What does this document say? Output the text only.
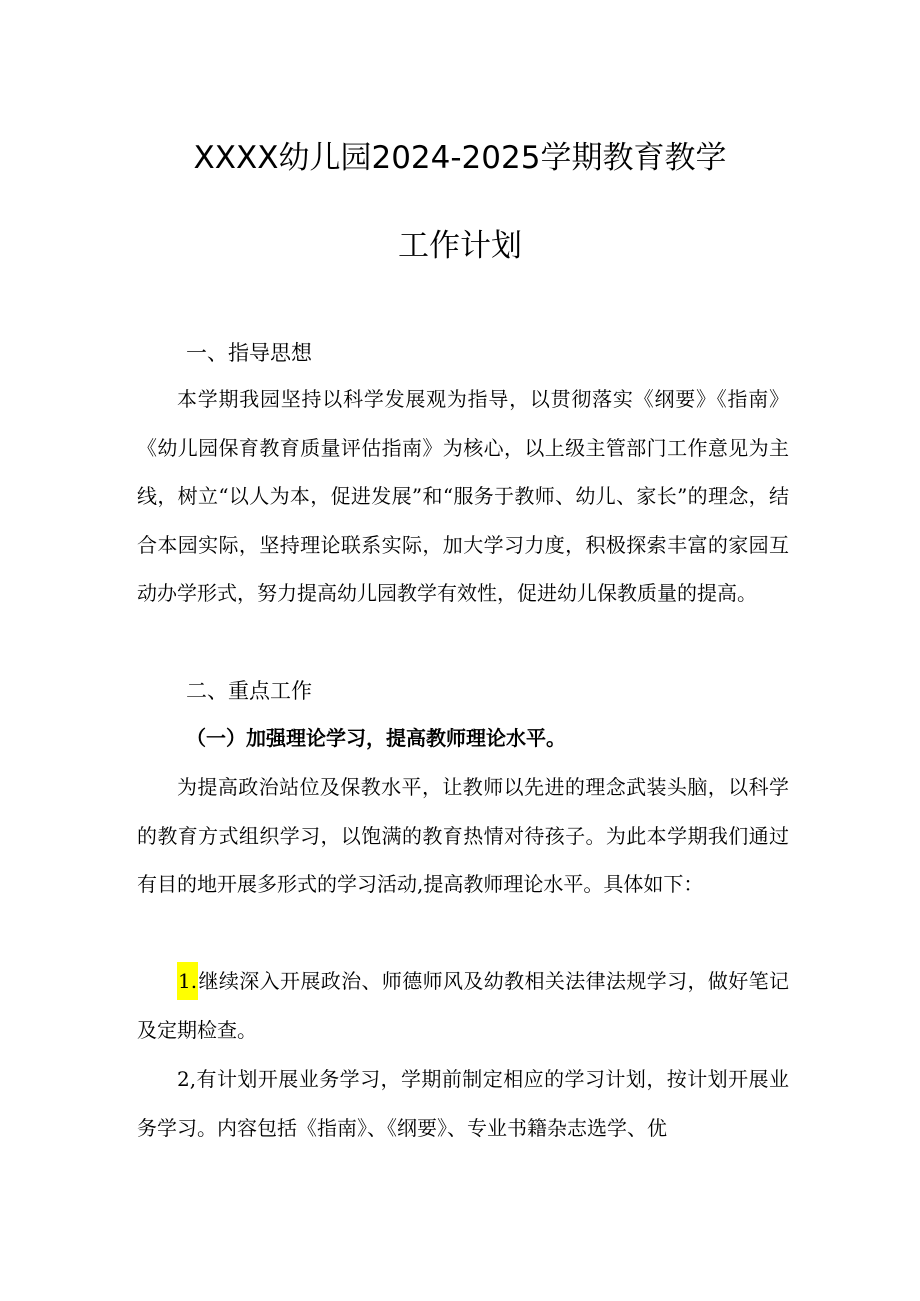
XXXX幼儿园2024-2025学期教育教学
工作计划
一、指导思想

本学期我园坚持以科学发展观为指导，以贯彻落实《纲要》《指南》《幼儿园保育教育质量评估指南》为核心，以上级主管部门工作意见为主线，树立“以人为本，促进发展”和“服务于教师、幼儿、家长”的理念，结合本园实际，坚持理论联系实际，加大学习力度，积极探索丰富的家园互动办学形式，努力提高幼儿园教学有效性，促进幼儿保教质量的提高。

二、重点工作
（一）加强理论学习，提高教师理论水平。

为提高政治站位及保教水平，让教师以先进的理念武装头脑，以科学的教育方式组织学习，以饱满的教育热情对待孩子。为此本学期我们通过有目的地开展多形式的学习活动,提高教师理论水平。具体如下：

1.继续深入开展政治、师德师风及幼教相关法律法规学习，做好笔记及定期检查。

2,有计划开展业务学习，学期前制定相应的学习计划，按计划开展业务学习。内容包括《指南》、《纲要》、专业书籍杂志选学、优
